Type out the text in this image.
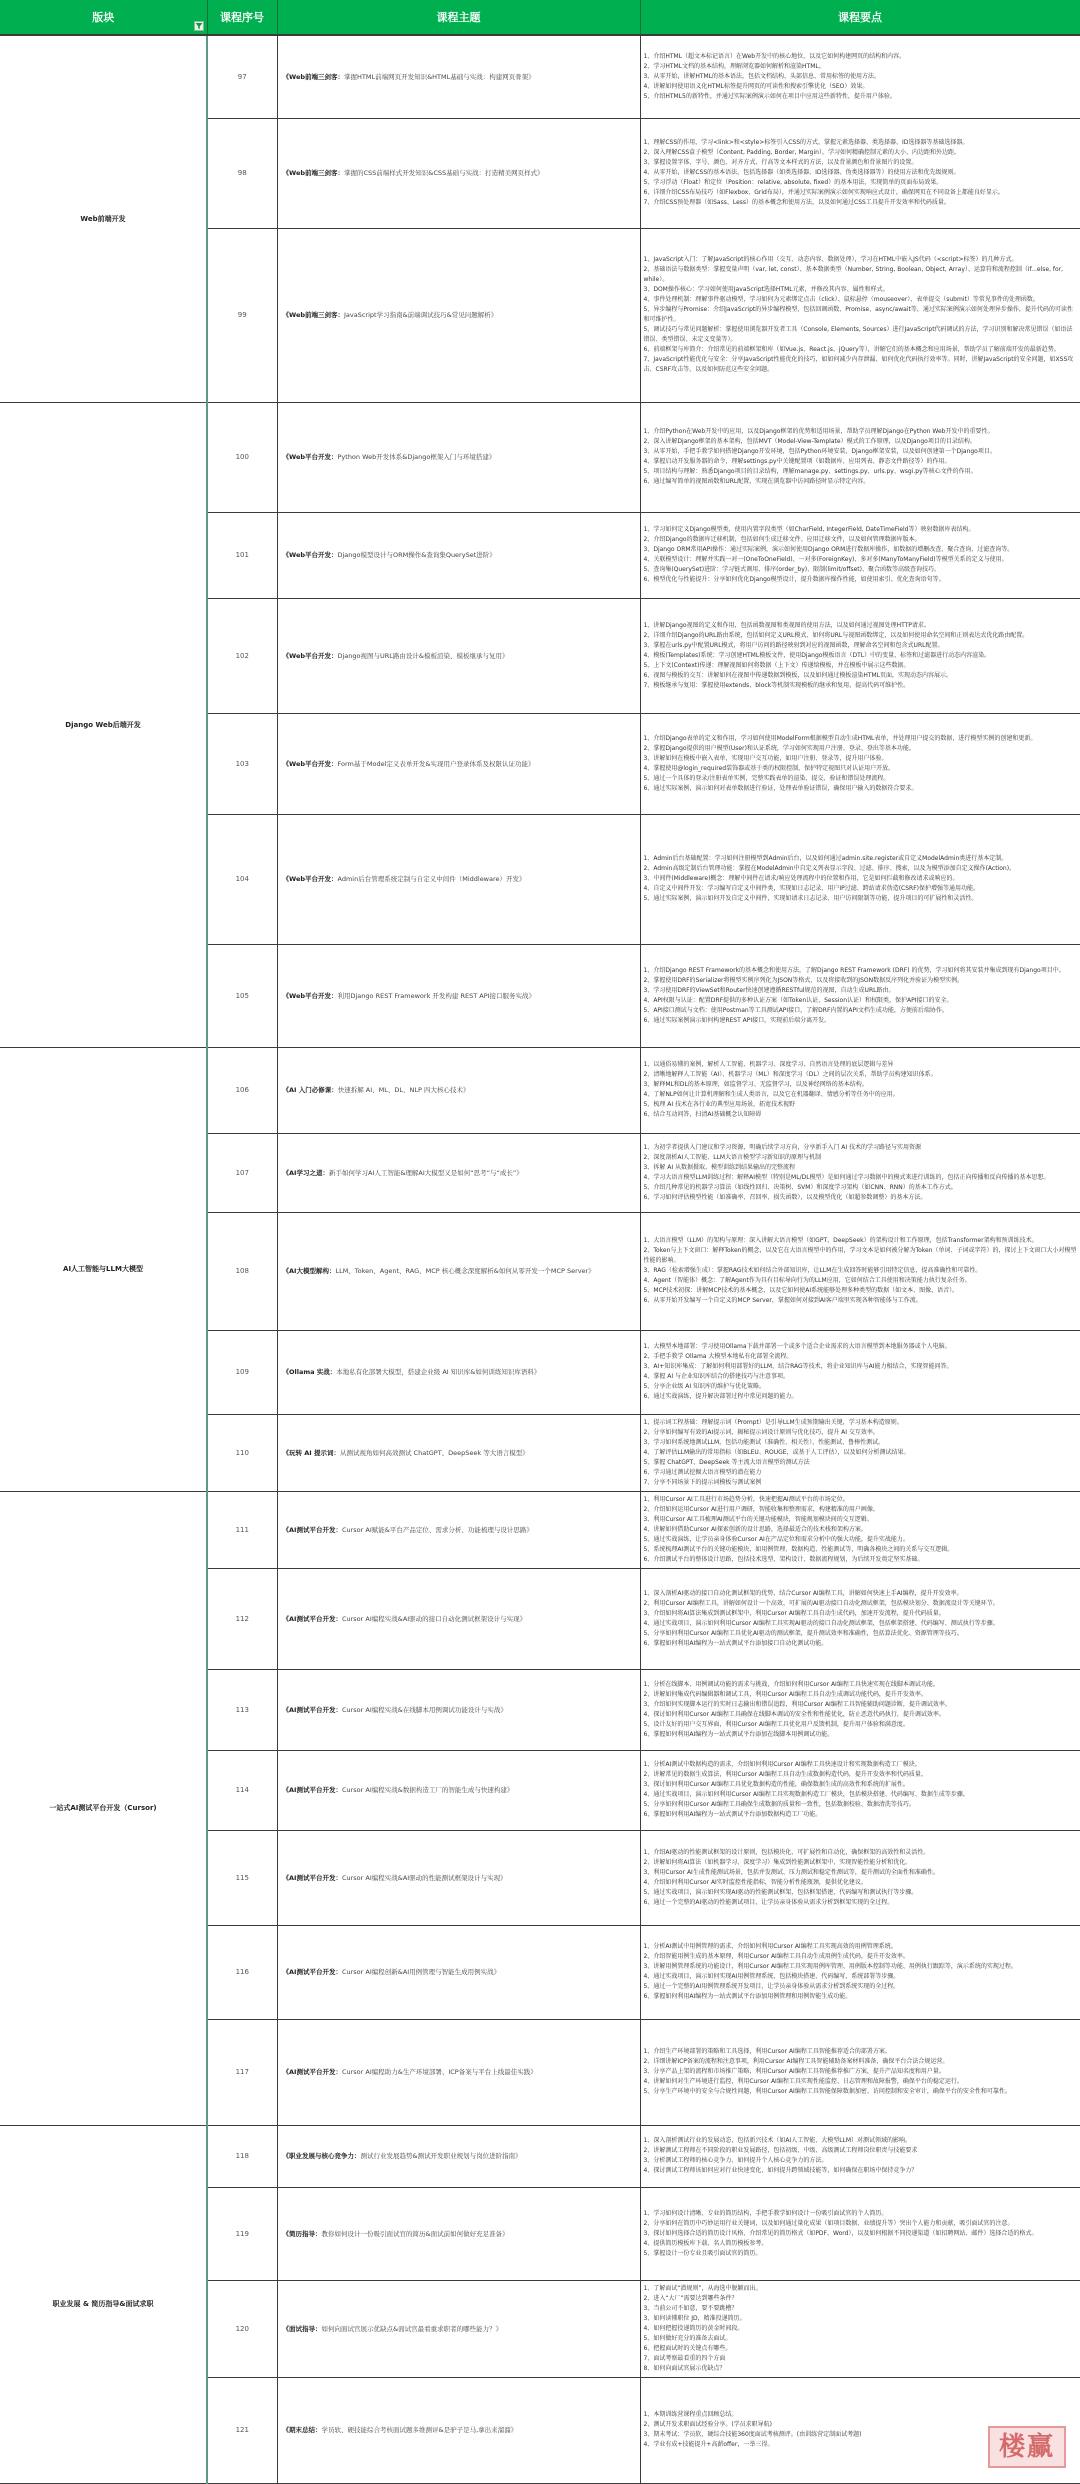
版块	课程序号	课程主题	课程要点
Web前端开发	97	《Web前端三剑客：掌握HTML前端网页开发知识&HTML基础与实战：构建网页骨架》	1、介绍HTML（超文本标记语言）在Web开发中的核心地位，以及它如何构建网页的结构和内容。
2、学习HTML文档的基本结构，理解浏览器如何解析和渲染HTML。
3、从零开始，讲解HTML的基本语法，包括文档结构、头部信息、常用标签的使用方法。
4、讲解如何使用语义化HTML标签提升网页的可读性和搜索引擎优化（SEO）效果。
5、介绍HTML5的新特性，并通过实际案例演示如何在项目中应用这些新特性，提升用户体验。

98	《Web前端三剑客：掌握的CSS前端样式开发知识&CSS基础与实战：打造精美网页样式》	
1、理解CSS的作用，学习<link>和<style>标签引入CSS的方式，掌握元素选择器、类选择器、ID选择器等基础选择器。
2、深入理解CSS盒子模型（Content, Padding, Border, Margin），学习如何精确控制元素的大小、内边距和外边距。
3、掌握设置字体、字号、颜色、对齐方式、行高等文本样式的方法，以及背景颜色和背景图片的设置。
4、从零开始，讲解CSS的基本语法，包括选择器（如类选择器、ID选择器、伪类选择器等）的使用方法和优先级规则。
5、学习浮动（Float）和定位（Position：relative, absolute, fixed）的基本用法，实现简单的页面布局效果。
6、详细介绍CSS布局技巧（如Flexbox、Grid布局），并通过实际案例演示如何实现响应式设计，确保网页在不同设备上都能良好显示。
7、介绍CSS预处理器（如Sass、Less）的基本概念和使用方法，以及如何通过CSS工具提升开发效率和代码质量。

99	《Web前端三剑客：JavaScript学习指南&前端调试技巧&常见问题解析》	
1、JavaScript入门：了解JavaScript的核心作用（交互、动态内容、数据处理），学习在HTML中嵌入JS代码（<script>标签）的几种方式。
2、基础语法与数据类型：掌握变量声明（var, let, const）、基本数据类型（Number, String, Boolean, Object, Array）、运算符和流程控制（if...else, for, while）。
3、DOM操作核心：学习如何使用JavaScript选择HTML元素，并修改其内容、属性和样式。
4、事件处理机制：理解事件驱动模型，学习如何为元素绑定点击（click）、鼠标悬停（mouseover）、表单提交（submit）等常见事件的处理函数。
5、异步编程与Promise：介绍JavaScript的异步编程模型，包括回调函数、Promise、async/await等，通过实际案例演示如何处理异步操作，提升代码的可读性和可维护性。
5、调试技巧与常见问题解析：掌握使用浏览器开发者工具（Console, Elements, Sources）进行JavaScript代码调试的方法，学习识别和解决常见错误（如语法错误、类型错误、未定义变量等）。
6、前端框架与库简介：介绍常见的前端框架和库（如Vue.js、React.js、jQuery等），讲解它们的基本概念和应用场景，帮助学员了解前端开发的最新趋势。
7、JavaScript性能优化与安全：分享JavaScript性能优化的技巧，如如何减少内存泄漏、如何优化代码执行效率等。同时，讲解JavaScript的安全问题，如XSS攻击、CSRF攻击等，以及如何防范这些安全问题。

Django Web后端开发	100	《Web平台开发：Python Web开发体系&Django框架入门与环境搭建》	
1、介绍Python在Web开发中的应用，以及Django框架的优势和适用场景，帮助学员理解Django在Python Web开发中的重要性。
2、深入讲解Django框架的基本架构，包括MVT（Model-View-Template）模式的工作原理，以及Django项目的目录结构。
3、从零开始，手把手教学如何搭建Django开发环境，包括Python环境安装、Django框架安装，以及如何创建第一个Django项目。
4、掌握启动开发服务器的命令，理解settings.py中关键配置项（如数据库、应用列表、静态文件路径等）的作用。
5、项目结构与理解：熟悉Django项目的目录结构，理解manage.py、settings.py、urls.py、wsgi.py等核心文件的作用。
6、通过编写简单的视图函数和URL配置，实现在浏览器中访问路径时显示特定内容。

101	《Web平台开发：Django模型设计与ORM操作&查询集QuerySet进阶》	
1、学习如何定义Django模型类，使用内置字段类型（如CharField, IntegerField, DateTimeField等）映射数据库表结构。
2、介绍Django的数据库迁移机制，包括如何生成迁移文件、应用迁移文件，以及如何管理数据库版本。
3、Django ORM常用API操作：通过实际案例，演示如何使用Django ORM进行数据库操作，如数据的增删改查、聚合查询、过滤查询等。
4、关联模型设计：理解并实践一对一(OneToOneField)、一对多(ForeignKey)、多对多(ManyToManyField)等模型关系的定义与使用。
5、查询集(QuerySet)进阶：学习链式调用、排序(order_by)、限制(limit/offset)、聚合函数等高级查询技巧。
6、模型优化与性能提升：分享如何优化Django模型设计，提升数据库操作性能，如使用索引、优化查询语句等。

102	《Web平台开发：Django视图与URL路由设计&模板渲染、模板继承与复用》	
1、讲解Django视图的定义和作用，包括函数视图和类视图的使用方法，以及如何通过视图处理HTTP请求。
2、详细介绍Django的URL路由系统，包括如何定义URL模式、如何将URL与视图函数绑定，以及如何使用命名空间和正则表达式优化路由配置。
3、掌握在urls.py中配置URL模式，将用户访问的路径映射到对应的视图函数，理解命名空间和包含式URL配置。
4、模板(Templates)系统：学习创建HTML模板文件，使用Django模板语言（DTL）中的变量、标签和过滤器进行动态内容渲染。
5、上下文(Context)传递：理解视图如何将数据（上下文）传递给模板，并在模板中展示这些数据。
6、视图与模板的交互：讲解如何在视图中传递数据到模板，以及如何通过模板渲染HTML页面，实现动态内容展示。
7、模板继承与复用：掌握使用extends、block等机制实现模板的继承和复用，提高代码可维护性。

103	《Web平台开发：Form基于Model定义表单开发&实现用户登录体系及权限认证功能》	
1、介绍Django表单的定义和作用，学习如何使用ModelForm根据模型自动生成HTML表单，并处理用户提交的数据，进行模型实例的创建和更新。
2、掌握Django提供的用户模型(User)和认证系统，学习如何实现用户注册、登录、登出等基本功能。
3、讲解如何在模板中嵌入表单，实现用户交互功能，如用户注册、登录等，提升用户体验。
4、掌握使用@login_required装饰器或基于类的权限控制，保护特定视图只对认证用户开放。
5、通过一个具体的登录/注册表单实例，完整实践表单的渲染、提交、验证和错误处理流程。
6、通过实际案例，演示如何对表单数据进行验证，处理表单验证错误，确保用户输入的数据符合要求。

	104	《Web平台开发：Admin后台管理系统定制与自定义中间件（Middleware）开发》	1、Admin后台基础配置：学习如何注册模型到Admin后台，以及如何通过admin.site.register或自定义ModelAdmin类进行基本定制。
2、Admin高级定制后台管理功能：掌握在ModelAdmin中自定义列表显示字段、过滤、排序、搜索，以及为模型添加自定义操作(Action)。
3、中间件(Middleware)概念：理解中间件在请求/响应处理流程中的位置和作用，它是如何拦截和修改请求或响应的。
4、自定义中间件开发：学习编写自定义中间件类，实现如日志记录、用户IP过滤、跨站请求伪造(CSRF)保护增强等通用功能。
5、通过实际案例，演示如何开发自定义中间件，实现如请求日志记录、用户访问限制等功能，提升项目的可扩展性和灵活性。

105	《Web平台开发：利用Django REST Framework 开发构建 REST API接口服务实战》	
1、介绍Django REST Framework的基本概念和使用方法，了解Django REST Framework (DRF) 的优势，学习如何将其安装并集成到现有Django项目中。
2、掌握使用DRF的Serializer将模型实例序列化为JSON等格式，以及将接收到的JSON数据反序列化并验证为模型实例。
3、学习使用DRF的ViewSet和Router快速创建遵循RESTful规范的视图，自动生成URL路由。
4、API权限与认证：配置DRF提供的多种认证方案（如Token认证、Session认证）和权限类，保护API接口的安全。
5、API接口测试与文档：使用Postman等工具测试API接口，了解DRF内置的API文档生成功能，方便前后端协作。
6、通过实际案例演示如何构建REST API接口，实现前后端分离开发。

AI人工智能与LLM大模型	106	《AI 入门必修课：快速拆解 AI、ML、DL、NLP 四大核心技术》	
1、以通俗易懂的案例，解析人工智能、机器学习、深度学习、自然语言处理的底层逻辑与差异
2、清晰地解释人工智能（AI）、机器学习（ML）和深度学习（DL）之间的层次关系，帮助学员构建知识体系。
3、解释ML和DL的基本原理，如监督学习、无监督学习，以及神经网络的基本结构。
4、了解NLP如何让计算机理解和生成人类语言，以及它在机器翻译、情感分析等任务中的应用。
5、梳理 AI 技术在各行业的典型应用场景，拓宽技术视野
6、结合互动问答，扫清AI基础概念认知障碍

107	《AI学习之道：新手如何学习AI人工智能&理解AI大模型又是如何“思考”与“成长”》	
1、为初学者提供入门建议和学习资源，明确后续学习方向，分享新手入门 AI 技术的学习路径与实用资源
2、深度剖析AI人工智能、LLM大语言模型学习新知识的原理与机制
3、拆解 AI 从数据摄取、模型训练到结果输出的完整流程
4、学习大语言模型LLM训练过程：解释AI模型（特别是ML/DL模型）是如何通过学习数据中的模式来进行训练的，包括正向传播和反向传播的基本思想。
5、介绍几种常见的机器学习算法（如线性回归、决策树、SVM）和深度学习架构（如CNN、RNN）的基本工作方式。
6、学习如何评估模型性能（如准确率、召回率、损失函数），以及模型优化（如超参数调整）的基本方法。

108	《AI大模型解构：LLM、Token、Agent、RAG、MCP 核心概念深度解析&如何从零开发一个MCP Server》	
1、大语言模型（LLM）的架构与原理：深入讲解大语言模型（如GPT、DeepSeek）的架构设计和工作原理，包括Transformer架构和预训练技术。
2、Token与上下文窗口：解释Token的概念，以及它在大语言模型中的作用，学习文本是如何被分解为Token（单词、子词或字符）的，探讨上下文窗口大小对模型性能的影响。
3、RAG（检索增强生成）：掌握RAG技术如何结合外部知识库，让LLM在生成回答时能够引用特定信息，提高准确性和可靠性。
4、Agent（智能体）概念：了解Agent作为具有目标导向行为的LLM应用，它如何结合工具使用和决策能力执行复杂任务。
5、MCP技术初探：讲解MCP技术的基本概念，以及它如何使AI系统能够处理多种类型的数据（如文本、图像、语音）。
6、从零开始开发编写一个自定义的MCP Server，掌握如何对接到AI客户端里实现各种智能体与工作流。

109	《Ollama 实战：本地私有化部署大模型，搭建企业级 AI 知识库&如何训练知识库语料》	
1、大模型本地部署：学习使用Ollama下载并部署一个或多个适合企业需求的大语言模型到本地服务器或个人电脑。
2、手把手教学 Ollama 大模型本地私有化部署全流程。
3、AI+知识库集成：了解如何利用部署好的LLM，结合RAG等技术，将企业知识库与AI能力相结合，实现智能问答。
4、掌握 AI 与企业知识库结合的搭建技巧与注意事项。
5、分享企业级 AI 知识库的维护与优化策略。
6、通过实战演练，提升解决部署过程中常见问题的能力。

110	《玩转 AI 提示词：从测试视角如何高效测试 ChatGPT、DeepSeek 等大语言模型》	
1、提示词工程基础：理解提示词（Prompt）是引导LLM生成预期输出关键，学习基本构造原则。
2、分享如何编写有效的AI提示词，揭秘提示词设计原则与优化技巧，提升 AI 交互效率。
3、学习如何系统地测试LLM，包括功能测试（准确性、相关性）、性能测试、鲁棒性测试。
4、了解评估LLM输出的常用指标（如BLEU、ROUGE，或基于人工评估），以及如何分析测试结果。
5、掌握 ChatGPT、DeepSeek 等主流大语言模型的测试方法
6、学习通过测试挖掘大语言模型的潜在能力
7、分享不同场景下的提示词模板与测试案例

一站式AI测试平台开发（Cursor)	111	《AI测试平台开发：Cursor AI赋能&平台产品定位、需求分析、功能梳理与设计思路》	
1、利用Cursor AI工具进行市场趋势分析，快速把握AI测试平台的市场定位。
2、介绍如何运用Cursor AI进行用户调研，智能收集和整理需求，构建精准的用户画像。
3、利用Cursor AI工具梳理AI测试平台的关键功能模块，智能规划模块间的交互逻辑。
4、讲解如何借助Cursor AI探索创新的设计思路，选择最适合的技术栈和架构方案。
5、通过实战演练，让学员亲身体验Cursor AI在产品定位和需求分析中的强大功能，提升实战能力。
5、系统梳理AI测试平台的关键功能模块，如用例管理、数据构造、性能测试等，明确各模块之间的关系与交互逻辑。
6、介绍测试平台的整体设计思路，包括技术选型、架构设计、数据流程规划，为后续开发奠定坚实基础。

112	《AI测试平台开发：Cursor AI编程实战&AI驱动的接口自动化测试框架设计与实现》	
1、深入剖析AI驱动的接口自动化测试框架的优势，结合Cursor AI编程工具，讲解如何快速上手AI编程，提升开发效率。
2、利用Cursor AI编程工具，讲解如何设计一个高效、可扩展的AI驱动接口自动化测试框架，包括模块划分、数据流设计等关键环节。
3、介绍如何将AI算法集成到测试框架中，利用Cursor AI编程工具自动生成代码，加速开发流程，提升代码质量。
4、通过实战项目，演示如何利用Cursor AI编程工具实现AI驱动的接口自动化测试框架，包括框架搭建、代码编写、测试执行等步骤。
5、分享如何利用Cursor AI编程工具优化AI驱动的测试框架，提升测试效率和准确性，包括算法优化、资源管理等技巧。
6、掌握如何利用AI编程为一站式测试平台添加接口自动化测试功能。

113	《AI测试平台开发：Cursor AI编程实战&在线脚本用例调试功能设计与实战》	
1、分析在线脚本、用例调试功能的需求与挑战，介绍如何利用Cursor AI编程工具快速实现在线脚本调试功能。
2、讲解如何集成代码编辑器和调试工具，利用Cursor AI编程工具自动生成调试功能代码，提升开发效率。
3、介绍如何实现脚本运行的实时日志输出和错误追踪，利用Cursor AI编程工具智能辅助问题诊断，提升调试效率。
4、探讨如何利用Cursor AI编程工具确保在线脚本调试的安全性和性能优化，防止恶意代码执行，提升调试效率。
5、设计友好的用户交互界面，利用Cursor AI编程工具优化用户反馈机制，提升用户体验和满意度。
6、掌握如何利用AI编程为一站式测试平台添加在线脚本用例调试功能。

114	《AI测试平台开发：Cursor AI编程实战&数据构造工厂的智能生成与快速构建》	
1、分析AI测试中数据构造的需求，介绍如何利用Cursor AI编程工具快速设计和实现数据构造工厂模块。
2、讲解常见的数据生成算法，利用Cursor AI编程工具自动生成数据构造代码，提升开发效率和代码质量。
3、探讨如何利用Cursor AI编程工具优化数据构造的性能，确保数据生成的高效性和系统的扩展性。
4、通过实战项目，演示如何利用Cursor AI编程工具实现数据构造工厂模块，包括模块搭建、代码编写、数据生成等步骤。
5、分享如何利用Cursor AI编程工具确保生成数据的质量和一致性，包括数据校验、数据清洗等技巧。
6、掌握如何利用AI编程为一站式测试平台添加数据构造工厂功能。

115	《AI测试平台开发：Cursor AI编程实战&AI驱动的性能测试框架设计与实现》	
1、介绍AI驱动的性能测试框架的设计原则，包括模块化、可扩展性和自动化，确保框架的高效性和灵活性。
2、讲解如何将AI算法（如机器学习、深度学习）集成到性能测试框架中，实现智能性能分析和优化。
3、利用Cursor AI生成性能测试场景，包括并发测试、压力测试和稳定性测试等，提升测试的全面性和准确性。
4、介绍如何利用Cursor AI实时监控性能指标，智能分析性能瓶颈，提供优化建议。
5、通过实战项目，演示如何实现AI驱动的性能测试框架，包括框架搭建、代码编写和测试执行等步骤。
6、通过一个完整的AI驱动的性能测试项目，让学员亲身体验从需求分析到框架实现的全过程。

116	《AI测试平台开发：Cursor AI编程创新&AI用例管理与智能生成用例实战》	
1、分析AI测试中用例管理的需求，介绍如何利用Cursor AI编程工具实现高效的用例管理系统。
2、介绍智能用例生成的基本原理，利用Cursor AI编程工具自动生成用例生成代码，提升开发效率。
3、讲解用例管理系统的功能设计，利用Cursor AI编程工具实现用例库管理、用例版本控制等功能、用例执行跟踪等，演示系统的实现过程。
4、通过实战项目，演示如何实现AI用例管理系统，包括模块搭建、代码编写、系统部署等步骤。
5、通过一个完整的AI用例管理系统开发项目，让学员亲身体验从需求分析到系统实现的全过程。
6、掌握如何利用AI编程为一站式测试平台添加用例管理和用例智能生成功能。

	117	《AI测试平台开发：Cursor AI编程助力&生产环境部署、ICP备案与平台上线最佳实践》	1、介绍生产环境部署的策略和工具选择，利用Cursor AI编程工具智能推荐适合的部署方案。
2、详细讲解ICP备案的流程和注意事项，利用Cursor AI编程工具智能辅助备案材料准备，确保平台合法合规运营。
3、分享产品上架的流程和市场推广策略，利用Cursor AI编程工具智能推荐推广方案，提升产品知名度和用户量。
4、讲解如何对生产环境进行监控，利用Cursor AI编程工具实现性能监控、日志管理和故障报警，确保平台的稳定运行。
5、分享生产环境中的安全与合规性问题，利用Cursor AI编程工具智能保障数据加密、访问控制和安全审计，确保平台的安全性和可靠性。

职业发展 & 简历指导&面试求职	118	《职业发展与核心竞争力：测试行业发展趋势&测试开发职业规划与岗位进阶指南》	1、深入剖析测试行业的发展动态，包括新兴技术（如AI人工智能、大模型LLM）对测试领域的影响。
2、讲解测试工程师在不同阶段的职业发展路径，包括初级、中级、高级测试工程师岗位职责与技能要求
3、分析测试工程师的核心竞争力、如何提升个人核心竞争力的方法。
4、探讨测试工程师该如何应对行业快速变化、如何提升跨领域技能等，如何确保在职场中保持竞争力？

	119	《简历指导：教你如何设计一份吸引面试官的简历&面试前如何做好充足准备》	1、学习如何设计清晰、专业的简历结构，手把手教学如何设计一份吸引面试官的个人简历。
2、分享如何在简历中巧妙运用行业关键词，以及如何通过量化成果（如项目数据、业绩提升等）突出个人能力和贡献，吸引面试官的注意。
3、探讨如何选择合适的简历设计风格、介绍常见的简历格式（如PDF、Word），以及如何根据不同投递渠道（如招聘网站、邮件）选择合适的格式。
4、提供简历模板库下载、名人简历模板参考。
5、掌握设计一份专业且吸引面试官的简历。

120	《面试指导：如何向面试官展示优缺点&面试官最看重求职者的哪些能力？》	
1、了解面试“潜规则”，从海选中脱颖而出。
2、进入“大厂”需要达到哪些条件？
3、当前公司不如意，要不要跳槽？
3、如何读懂职位 JD，精准投递简历。
4、如何把握投递简历的黄金时间段。
5、如何做好充分的准备去面试。
6、把握面试时的关键点有哪些。
7、面试考察最看重的四个方面
8、如何向面试官展示优缺点？

	121	《期末总结：学员软、硬技能综合考核面试题多维测评&是驴子是马,拿出来溜溜》	1、本期训练营课程重点回顾总结。
2、测试开发求职面试经验分享。(学员求职导航)
3、期末考试：学员软、硬综合技能360度面试考核测评。(由训练营定制面试考题)
4、学业有成+技能提升+高薪offer，一举三得。	楼赢
